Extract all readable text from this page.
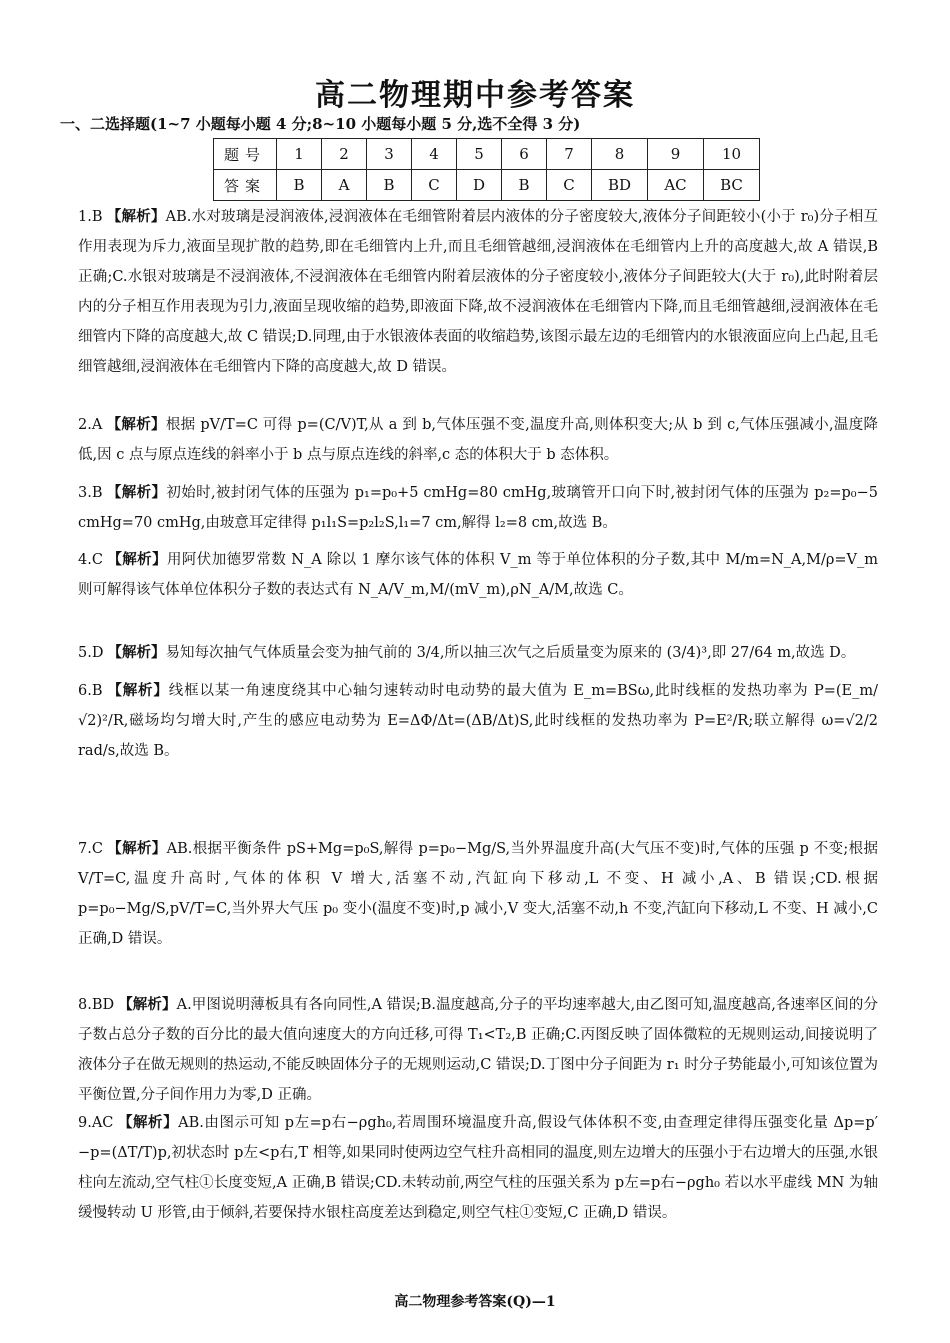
高二物理期中参考答案
一、二选择题(1~7 小题每小题 4 分;8~10 小题每小题 5 分,选不全得 3 分)
题号	1	2	3	4	5	6	7	8	9	10
答案	B	A	B	C	D	B	C	BD	AC	BC
1.B 【解析】AB.水对玻璃是浸润液体,浸润液体在毛细管附着层内液体的分子密度较大,液体分子间距较小(小于 r₀)分子相互作用表现为斥力,液面呈现扩散的趋势,即在毛细管内上升,而且毛细管越细,浸润液体在毛细管内上升的高度越大,故 A 错误,B 正确;C.水银对玻璃是不浸润液体,不浸润液体在毛细管内附着层液体的分子密度较小,液体分子间距较大(大于 r₀),此时附着层内的分子相互作用表现为引力,液面呈现收缩的趋势,即液面下降,故不浸润液体在毛细管内下降,而且毛细管越细,浸润液体在毛细管内下降的高度越大,故 C 错误;D.同理,由于水银液体表面的收缩趋势,该图示最左边的毛细管内的水银液面应向上凸起,且毛细管越细,浸润液体在毛细管内下降的高度越大,故 D 错误。
2.A 【解析】根据 pV/T=C 可得 p=(C/V)T,从 a 到 b,气体压强不变,温度升高,则体积变大;从 b 到 c,气体压强减小,温度降低,因 c 点与原点连线的斜率小于 b 点与原点连线的斜率,c 态的体积大于 b 态体积。
3.B 【解析】初始时,被封闭气体的压强为 p₁=p₀+5 cmHg=80 cmHg,玻璃管开口向下时,被封闭气体的压强为 p₂=p₀−5 cmHg=70 cmHg,由玻意耳定律得 p₁l₁S=p₂l₂S,l₁=7 cm,解得 l₂=8 cm,故选 B。
4.C 【解析】用阿伏加德罗常数 N_A 除以 1 摩尔该气体的体积 V_m 等于单位体积的分子数,其中 M/m=N_A,M/ρ=V_m 则可解得该气体单位体积分子数的表达式有 N_A/V_m,M/(mV_m),ρN_A/M,故选 C。
5.D 【解析】易知每次抽气气体质量会变为抽气前的 3/4,所以抽三次气之后质量变为原来的 (3/4)³,即 27/64 m,故选 D。
6.B 【解析】线框以某一角速度绕其中心轴匀速转动时电动势的最大值为 E_m=BSω,此时线框的发热功率为 P=(E_m/√2)²/R,磁场均匀增大时,产生的感应电动势为 E=ΔΦ/Δt=(ΔB/Δt)S,此时线框的发热功率为 P=E²/R;联立解得 ω=√2/2 rad/s,故选 B。
7.C 【解析】AB.根据平衡条件 pS+Mg=p₀S,解得 p=p₀−Mg/S,当外界温度升高(大气压不变)时,气体的压强 p 不变;根据 V/T=C,温度升高时,气体的体积 V 增大,活塞不动,汽缸向下移动,L 不变、H 减小,A、B 错误;CD.根据 p=p₀−Mg/S,pV/T=C,当外界大气压 p₀ 变小(温度不变)时,p 减小,V 变大,活塞不动,h 不变,汽缸向下移动,L 不变、H 减小,C 正确,D 错误。
8.BD 【解析】A.甲图说明薄板具有各向同性,A 错误;B.温度越高,分子的平均速率越大,由乙图可知,温度越高,各速率区间的分子数占总分子数的百分比的最大值向速度大的方向迁移,可得 T₁<T₂,B 正确;C.丙图反映了固体微粒的无规则运动,间接说明了液体分子在做无规则的热运动,不能反映固体分子的无规则运动,C 错误;D.丁图中分子间距为 r₁ 时分子势能最小,可知该位置为平衡位置,分子间作用力为零,D 正确。
9.AC 【解析】AB.由图示可知 p左=p右−ρgh₀,若周围环境温度升高,假设气体体积不变,由查理定律得压强变化量 Δp=p′−p=(ΔT/T)p,初状态时 p左<p右,T 相等,如果同时使两边空气柱升高相同的温度,则左边增大的压强小于右边增大的压强,水银柱向左流动,空气柱①长度变短,A 正确,B 错误;CD.未转动前,两空气柱的压强关系为 p左=p右−ρgh₀ 若以水平虚线 MN 为轴缓慢转动 U 形管,由于倾斜,若要保持水银柱高度差达到稳定,则空气柱①变短,C 正确,D 错误。
高二物理参考答案(Q)—1
